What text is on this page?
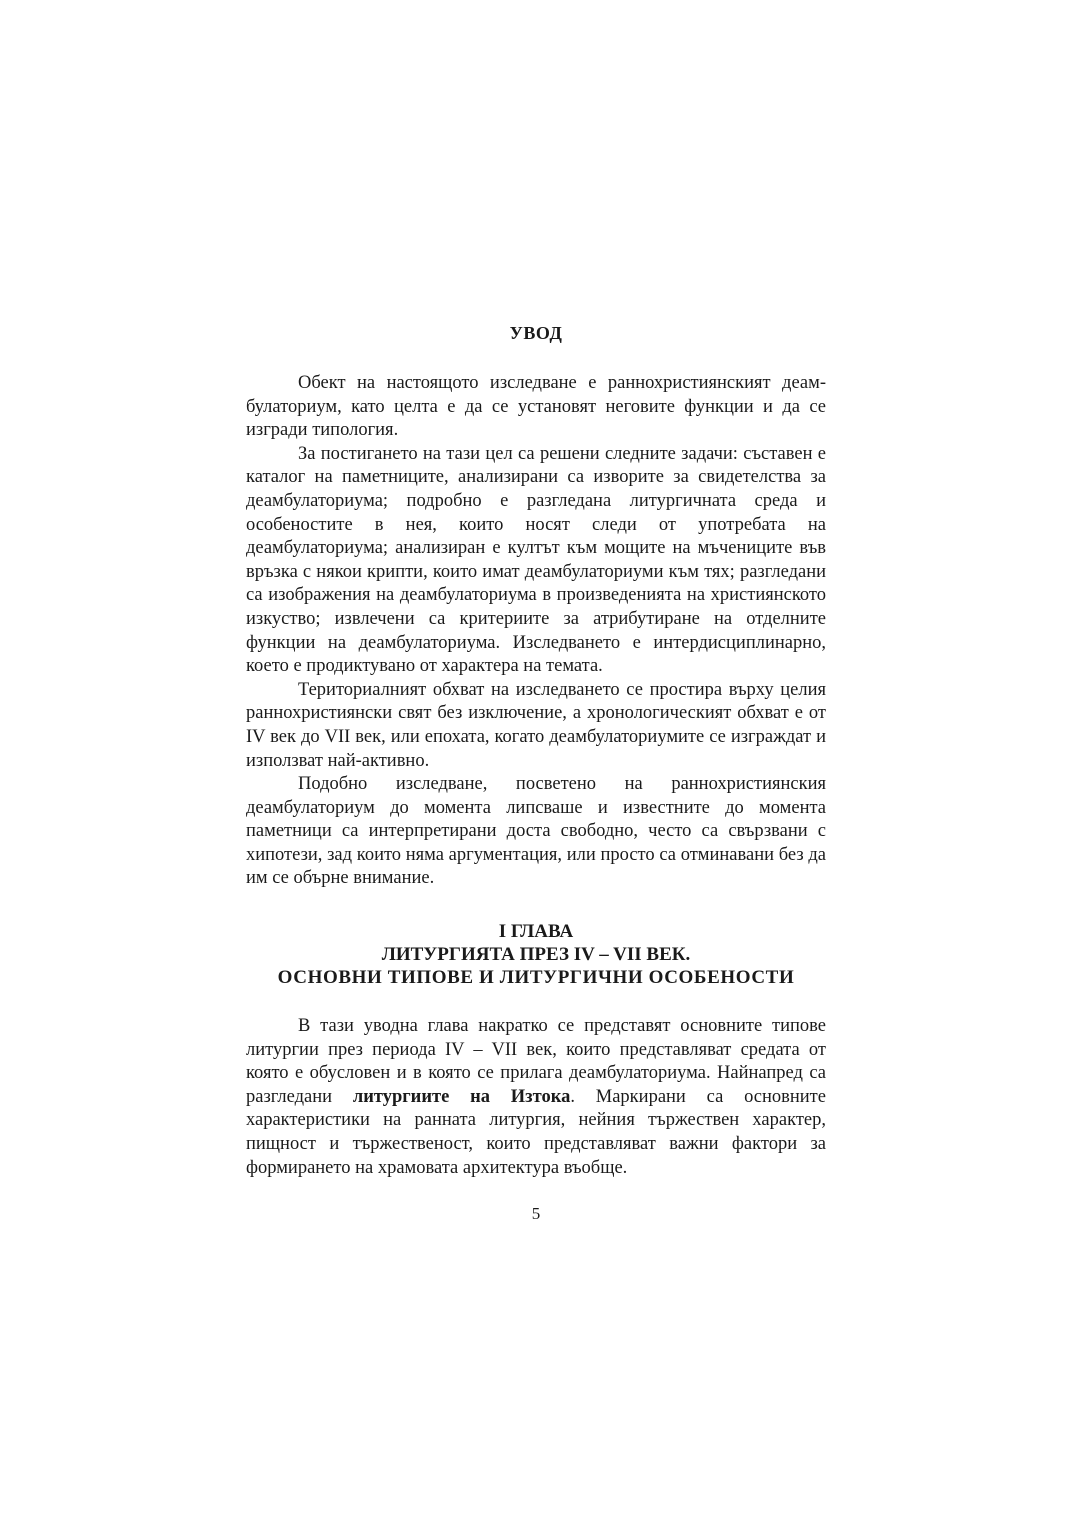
УВОД

Обект на настоящото изследване е раннохристиянският деамбулаториум, като целта е да се установят неговите функции и да се изгради типология.

За постигането на тази цел са решени следните задачи: съставен е каталог на паметниците, анализирани са изворите за свидетелства за деамбулаториума; подробно е разгледана литургичната среда и особеностите в нея, които носят следи от употребата на деамбулаториума; анализиран е култът към мощите на мъчениците във връзка с някои крипти, които имат деамбулаториуми към тях; разгледани са изображения на деамбулаториума в произведенията на християнското изкуство; извлечени са критериите за атрибутиране на отделните функции на деамбулаториума. Изследването е интердисциплинарно, което е продиктувано от характера на темата.

Териториалният обхват на изследването се простира върху целия раннохристиянски свят без изключение, а хронологическият обхват е от IV век до VII век, или епохата, когато деамбулаториумите се изграждат и използват най-активно.

Подобно изследване, посветено на раннохристиянския деамбулаториум до момента липсваше и известните до момента паметници са интерпретирани доста свободно, често са свързвани с хипотези, зад които няма аргументация, или просто са отминавани без да им се обърне внимание.

I ГЛАВА
ЛИТУРГИЯТА ПРЕЗ IV – VII ВЕК.
ОСНОВНИ ТИПОВЕ И ЛИТУРГИЧНИ ОСОБЕНОСТИ

В тази уводна глава накратко се представят основните типове литургии през периода IV – VII век, които представляват средата от която е обусловен и в която се прилага деамбулаториума. Найнапред са разгледани литургиите на Изтока. Маркирани са основните характеристики на ранната литургия, нейния тържествен характер, пищност и тържественост, които представляват важни фактори за формирането на храмовата архитектура въобще.

5
